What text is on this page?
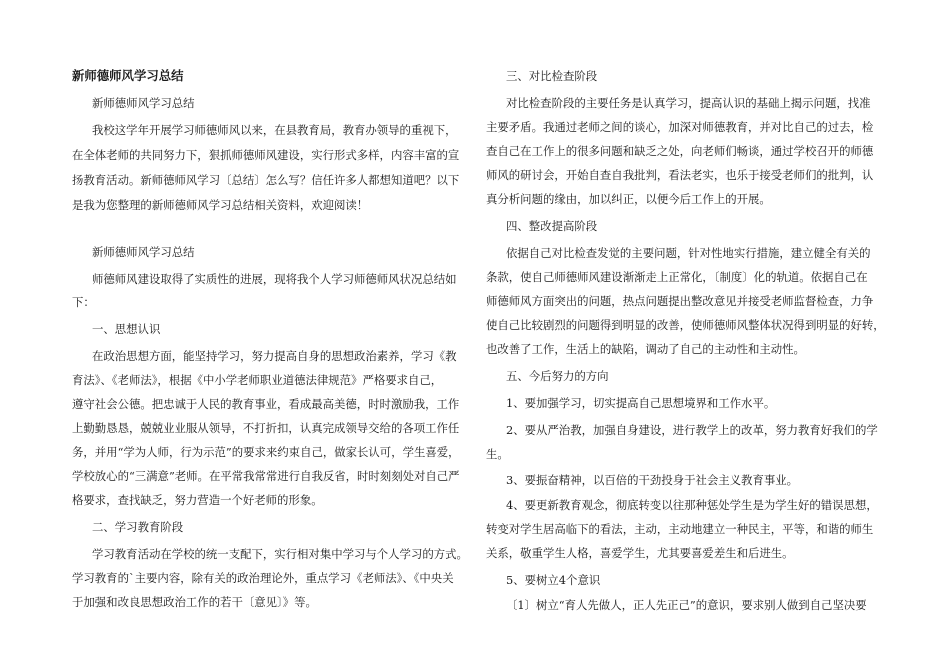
新师德师风学习总结
新师德师风学习总结
我校这学年开展学习师德师风以来，在县教育局，教育办领导的重视下，
在全体老师的共同努力下，狠抓师德师风建设，实行形式多样，内容丰富的宣
扬教育活动。新师德师风学习〔总结〕怎么写？信任许多人都想知道吧？以下
是我为您整理的新师德师风学习总结相关资料，欢迎阅读！
新师德师风学习总结
师德师风建设取得了实质性的进展，现将我个人学习师德师风状况总结如
下：
一、思想认识
在政治思想方面，能坚持学习，努力提高自身的思想政治素养，学习《教
育法》、《老师法》，根据《中小学老师职业道德法律规范》严格要求自己，
遵守社会公德。把忠诚于人民的教育事业，看成最高美德，时时激励我，工作
上勤勤恳恳，兢兢业业服从领导，不打折扣，认真完成领导交给的各项工作任
务，并用“学为人师，行为示范”的要求来约束自己，做家长认可，学生喜爱，
学校放心的“三满意”老师。在平常我常常进行自我反省，时时刻刻处对自己严
格要求，查找缺乏，努力营造一个好老师的形象。
二、学习教育阶段
学习教育活动在学校的统一支配下，实行相对集中学习与个人学习的方式。
学习教育的`主要内容，除有关的政治理论外，重点学习《老师法》、《中央关
于加强和改良思想政治工作的若干〔意见〕》等。
三、对比检查阶段
对比检查阶段的主要任务是认真学习，提高认识的基础上揭示问题，找准
主要矛盾。我通过老师之间的谈心，加深对师德教育，并对比自己的过去，检
查自己在工作上的很多问题和缺乏之处，向老师们畅谈，通过学校召开的师德
师风的研讨会，开始自查自我批判，看法老实，也乐于接受老师们的批判，认
真分析问题的缘由，加以纠正，以便今后工作上的开展。
四、整改提高阶段
依据自己对比检查发觉的主要问题，针对性地实行措施，建立健全有关的
条款，使自己师德师风建设渐渐走上正常化，〔制度〕化的轨道。依据自己在
师德师风方面突出的问题，热点问题提出整改意见并接受老师监督检查，力争
使自己比较剧烈的问题得到明显的改善，使师德师风整体状况得到明显的好转，
也改善了工作，生活上的缺陷，调动了自己的主动性和主动性。
五、今后努力的方向
1、要加强学习，切实提高自己思想境界和工作水平。
2、要从严治教，加强自身建设，进行教学上的改革，努力教育好我们的学
生。
3、要振奋精神，以百倍的干劲投身于社会主义教育事业。
4、要更新教育观念，彻底转变以往那种惩处学生是为学生好的错误思想，
转变对学生居高临下的看法，主动，主动地建立一种民主，平等，和谐的师生
关系，敬重学生人格，喜爱学生，尤其要喜爱差生和后进生。
5、要树立4个意识
〔1〕树立“育人先做人，正人先正己”的意识，要求别人做到自己坚决要
